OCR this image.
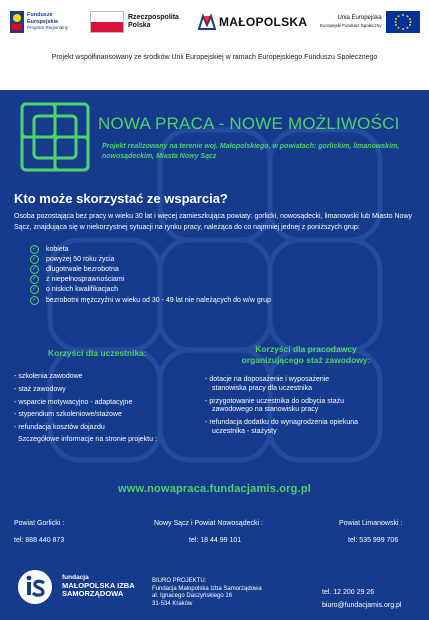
Fundusze
Europejskie
Program Regionalny
Rzeczpospolita
Polska	MAŁOPOLSKA	Unia Europejska
Europejski Fundusz Społeczny
Projekt współfinansowany ze środków Unii Europejskiej w ramach Europejskiego Funduszu Społecznego
NOWA PRACA - NOWE MOŻLIWOŚCI
Projekt realizowany na terenie woj. Małopolskiego, w powiatach: gorlickim, limanowskim, nowosądeckim, Miasta Nowy Sącz
Kto może skorzystać ze wsparcia?
Osoba pozostająca bez pracy w wieku 30 lat i więcej zamieszkująca powiaty: gorlicki, nowosądecki, limanowski lub Miasto Nowy Sącz, znajdująca się w niekorzystnej sytuacji na rynku pracy, należąca do co najmniej jednej z poniższych grup:
✓ kobieta
✓ powyżej 50 roku życia
✓ długotrwale bezrobotna
✓ z niepełnosprawnościami
✓ o niskich kwalifikacjach
✓ bezrobotni mężczyźni w wieku od 30 - 49 lat nie należących do w/w grup
Korzyści dla uczestnika:	Korzyści dla pracodawcy
organizującego staż zawodowy:
- szkolenia zawodowe
- staż zawodowy
- wsparcie motywacyjno - adaptacyjne
- stypendium szkoleniowe/stażowe
- refundacja kosztów dojazdu
- dotacje na doposażenie i wyposażenie
stanowiska pracy dla uczestnika
- przygotowanie uczestnika do odbycia stażu
zawodowego na stanowisku pracy
- refundacja dodatku do wynagrodzenia opiekuna
uczestnika - stażysty
Szczegółowe informacje na stronie projektu :
www.nowapraca.fundacjamis.org.pl
Powiat Gorlicki :	Nowy Sącz i Powiat Nowosądecki :	Powiat Limanowski :
tel: 888 440 873	tel: 18 44 99 101	tel: 535 999 706
fundacja
MAŁOPOLSKA IZBA
SAMORZĄDOWA
BIURO PROJEKTU:
Fundacja Małopolska Izba Samorządowa
al. Ignacego Daszyńskiego 16
31-534 Kraków
tel. 12 200 29 26
biuro@fundacjamis.org.pl
